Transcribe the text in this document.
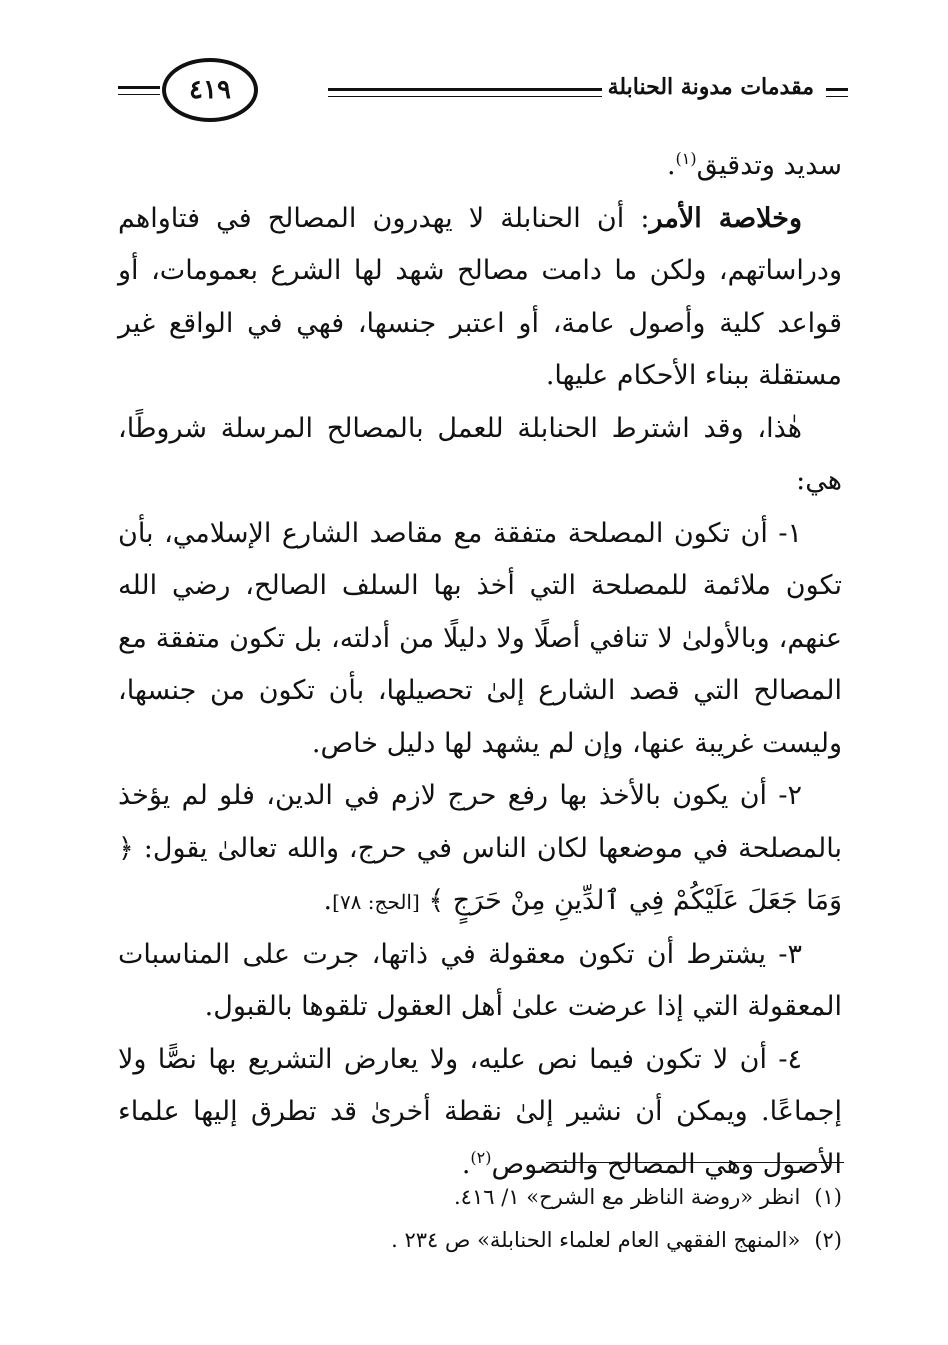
٤١٩	مقدمات مدونة الحنابلة

سديد وتدقيق$^{(١)}$.

وخلاصة الأمر: أن الحنابلة لا يهدرون المصالح في فتاواهم ودراساتهم، ولكن ما دامت مصالح شهد لها الشرع بعمومات، أو قواعد كلية وأصول عامة، أو اعتبر جنسها، فهي في الواقع غير مستقلة ببناء الأحكام عليها.

هٰذا، وقد اشترط الحنابلة للعمل بالمصالح المرسلة شروطًا، هي:

١- أن تكون المصلحة متفقة مع مقاصد الشارع الإسلامي، بأن تكون ملائمة للمصلحة التي أخذ بها السلف الصالح، رضي الله عنهم، وبالأولىٰ لا تنافي أصلًا ولا دليلًا من أدلته، بل تكون متفقة مع المصالح التي قصد الشارع إلىٰ تحصيلها، بأن تكون من جنسها، وليست غريبة عنها، وإن لم يشهد لها دليل خاص.

٢- أن يكون بالأخذ بها رفع حرج لازم في الدين، فلو لم يؤخذ بالمصلحة في موضعها لكان الناس في حرج، والله تعالىٰ يقول: ﴿ وَمَا جَعَلَ عَلَيْكُمْ فِي ٱلدِّينِ مِنْ حَرَجٍ ﴾ [الحج: ٧٨].

٣- يشترط أن تكون معقولة في ذاتها، جرت على المناسبات المعقولة التي إذا عرضت علىٰ أهل العقول تلقوها بالقبول.

٤- أن لا تكون فيما نص عليه، ولا يعارض التشريع بها نصًّا ولا إجماعًا. ويمكن أن نشير إلىٰ نقطة أخرىٰ قد تطرق إليها علماء الأصول وهي المصالح والنصوص$^{(٢)}$.

(١)انظر «روضة الناظر مع الشرح» ١/ ٤١٦.

(٢)«المنهج الفقهي العام لعلماء الحنابلة» ص ٢٣٤ .
